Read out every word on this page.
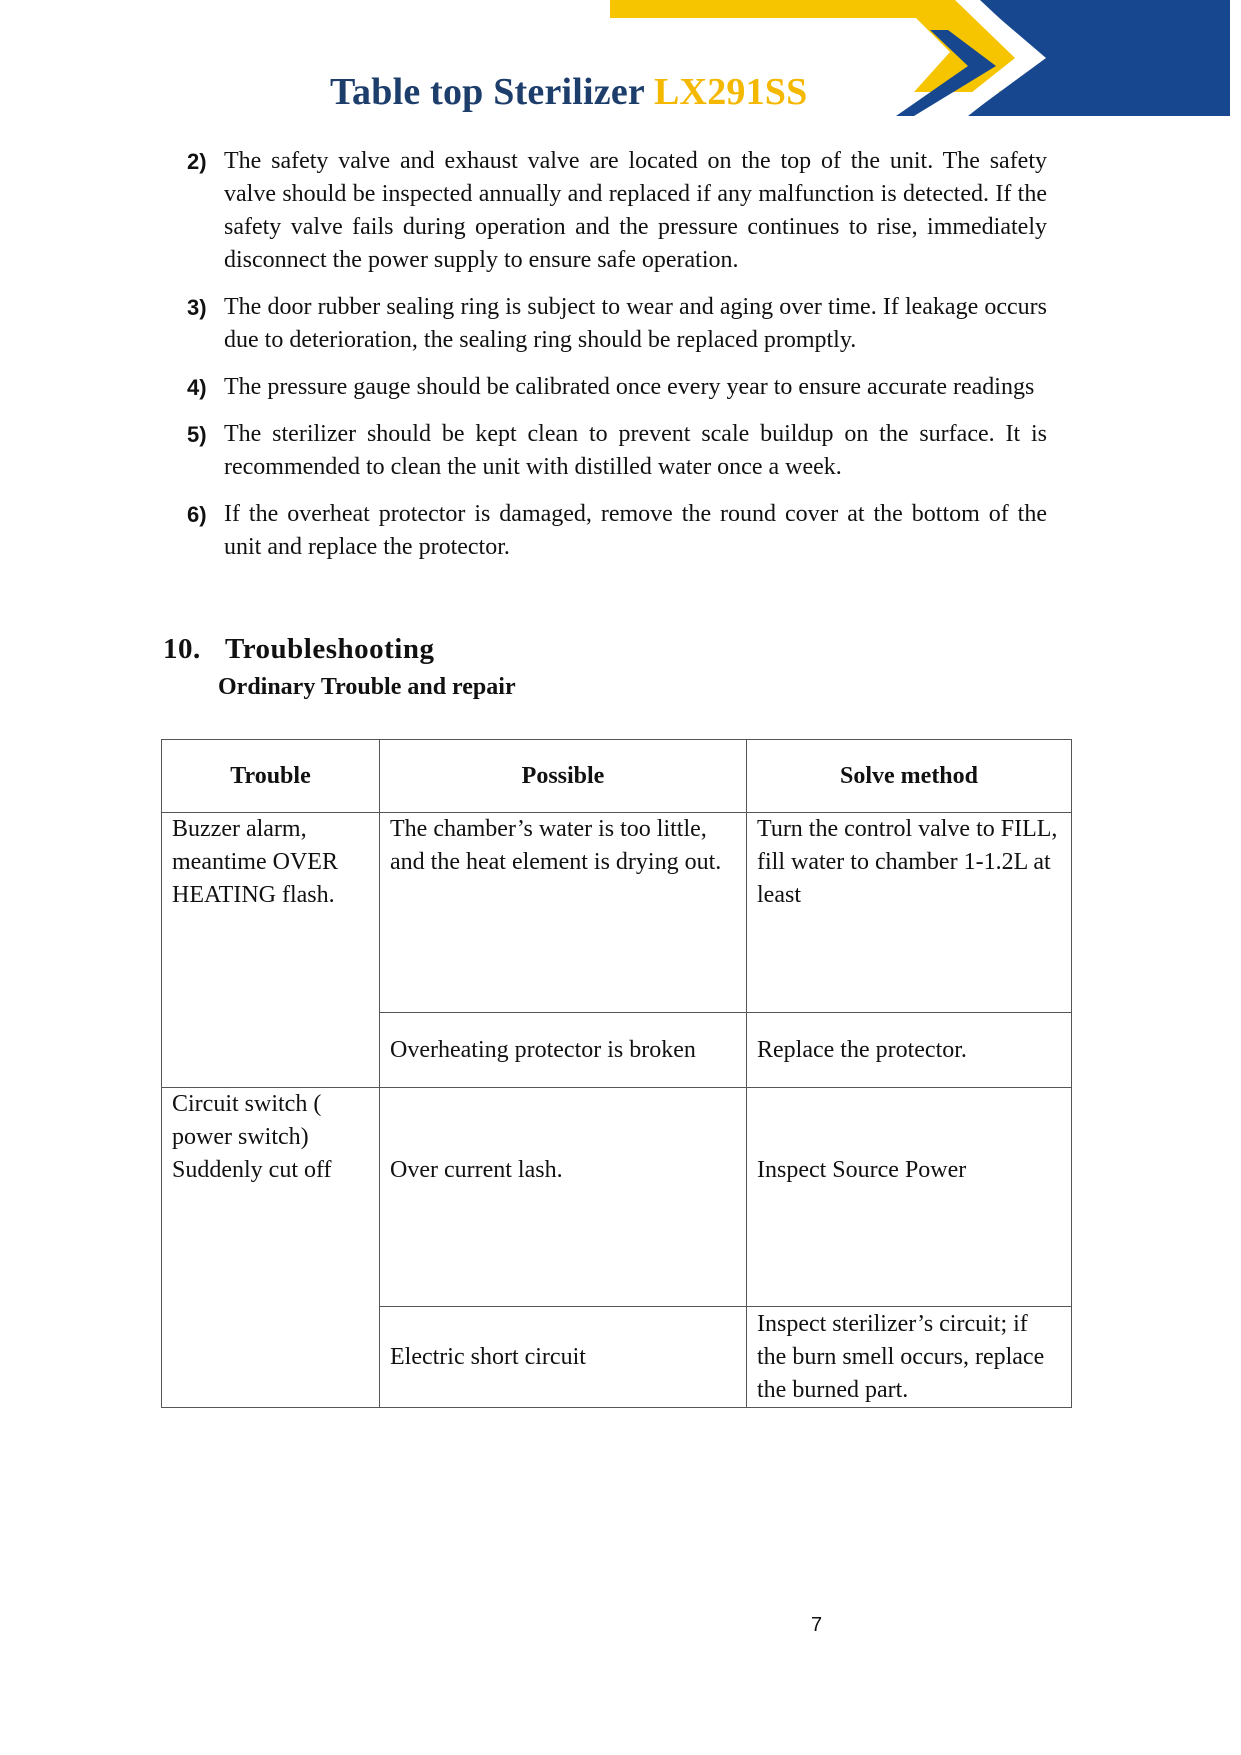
Table top Sterilizer LX291SS
2) The safety valve and exhaust valve are located on the top of the unit. The safety valve should be inspected annually and replaced if any malfunction is detected. If the safety valve fails during operation and the pressure continues to rise, immediately disconnect the power supply to ensure safe operation.
3) The door rubber sealing ring is subject to wear and aging over time. If leakage occurs due to deterioration, the sealing ring should be replaced promptly.
4) The pressure gauge should be calibrated once every year to ensure accurate readings
5) The sterilizer should be kept clean to prevent scale buildup on the surface. It is recommended to clean the unit with distilled water once a week.
6) If the overheat protector is damaged, remove the round cover at the bottom of the unit and replace the protector.
10. Troubleshooting
Ordinary Trouble and repair
Trouble	Possible	Solve method
Buzzer alarm, meantime OVER HEATING flash.	The chamber’s water is too little, and the heat element is drying out.	Turn the control valve to FILL, fill water to chamber 1-1.2L at least
	Overheating protector is broken	Replace the protector.
Circuit switch ( power switch) Suddenly cut off	Over current lash.	Inspect Source Power
	Electric short circuit	Inspect sterilizer’s circuit; if the burn smell occurs, replace the burned part.
7
